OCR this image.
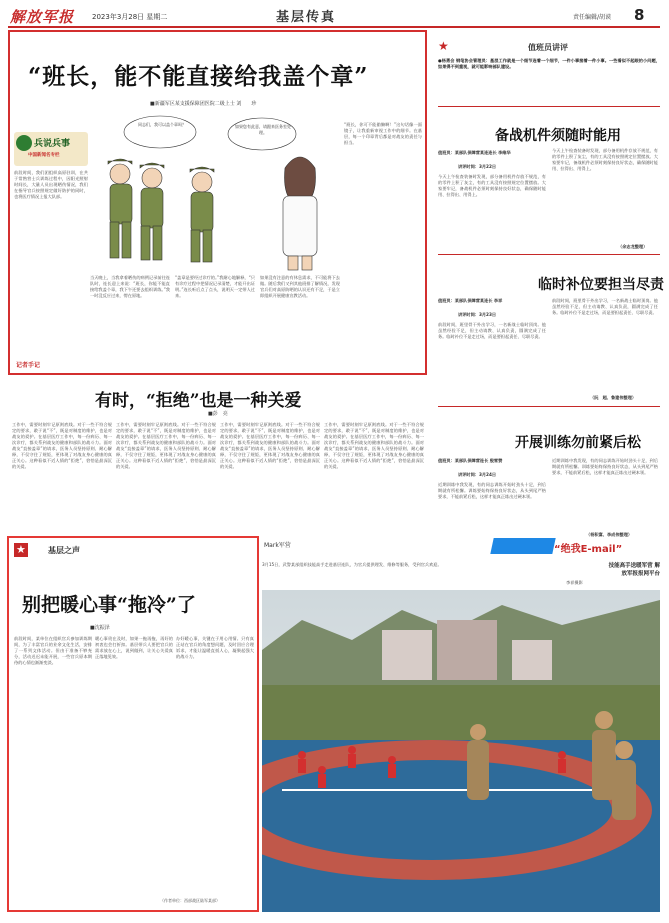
解放军报	2023年3月28日 星期二	基层传真	责任编辑/胡谟 8
“班长，能不能直接给我盖个章”
■新疆军区某支援保障团医院二级上士 刘　　珍
兵说兵事
中国新闻名专栏
同志们，我可以盖个章吗？	如果您有此意，请跟来医务室处理。
前段时间，我们团组织高原驻训，在共于常熟营士兵训练过程中，因阳光照射时间长，大量人员出现晒伤情况，我们在指导官兵按照规定做好防护的同时，也将医疗情况上报大队部。
当天晚上，当我拿着晒伤的病例记录前往连队时，连长迎上来说：“班长，你能不能直接给我盖个章，我下午还要去组织训练。”我一时没反应过来，愣在原地。
“盖章是要经过诊疗的。”我耐心地解释，“只有诊疗过程中把情况记录清楚，才能开出证明。”连长听后点了点头，说明天一定带人过来。
如果没有注意的有休息需求，不可能将下去做。随后我们又到其他班排了解情况，发现官兵们对高原防晒的认识还有不足，于是立即组织开展健康宣教活动。
“班长，你可不能偷懒啊！”这句话像一面镜子，让我重新审视工作中的细节。在基层，每一个印章背后都是对战友的责任与担当。
记者手记
有时，“拒绝”也是一种关爱
■彭　亮
工作中，需要时刻牢记原则底线。对于一些不符合规定的要求，敢于说“不”，既是对制度的维护，也是对战友的爱护。在基层医疗工作中，每一份病历、每一次诊疗，都关系到战友的健康和部队的战斗力。面对战友“直接盖章”的请求，医务人员坚持原则、耐心解释，不仅守住了规矩，更体现了对战友身心健康的真正关心。这种看似不近人情的“拒绝”，恰恰是最深沉的关爱。
工作中，需要时刻牢记原则底线。对于一些不符合规定的要求，敢于说“不”，既是对制度的维护，也是对战友的爱护。在基层医疗工作中，每一份病历、每一次诊疗，都关系到战友的健康和部队的战斗力。面对战友“直接盖章”的请求，医务人员坚持原则、耐心解释，不仅守住了规矩，更体现了对战友身心健康的真正关心。这种看似不近人情的“拒绝”，恰恰是最深沉的关爱。
工作中，需要时刻牢记原则底线。对于一些不符合规定的要求，敢于说“不”，既是对制度的维护，也是对战友的爱护。在基层医疗工作中，每一份病历、每一次诊疗，都关系到战友的健康和部队的战斗力。面对战友“直接盖章”的请求，医务人员坚持原则、耐心解释，不仅守住了规矩，更体现了对战友身心健康的真正关心。这种看似不近人情的“拒绝”，恰恰是最深沉的关爱。
工作中，需要时刻牢记原则底线。对于一些不符合规定的要求，敢于说“不”，既是对制度的维护，也是对战友的爱护。在基层医疗工作中，每一份病历、每一次诊疗，都关系到战友的健康和部队的战斗力。面对战友“直接盖章”的请求，医务人员坚持原则、耐心解释，不仅守住了规矩，更体现了对战友身心健康的真正关心。这种看似不近人情的“拒绝”，恰恰是最深沉的关爱。
★	基层之声
别把暖心事“拖冷”了
■沈振泽
前段时间，某单位在组织官兵参加训练期间，为了丰富官兵的业余文化生活，安排了一系列文体活动。但由于准备不够充分，活动迟迟未能开展，一些官兵原本期待的心情也渐渐变淡。
暖心事贵在及时，如果一拖再拖，再好的初衷也会打折扣。基层带兵人要把官兵的需求放在心上，说到做到，让关心关爱真正落地见效。
办好暖心事，关键在于用心用情。只有真正站在官兵的角度想问题，及时回应合理诉求，才能让温暖直抵人心，凝聚起强大的战斗力。
（作者单位：西部战区陆军某部）
★	值班员讲评
●杨勇会 钢笔协会管理员：基层工作就是一个细节连着一个细节，一件小事接着一件小事。一些看似不起眼的小问题，如果得不到重视，就可能影响部队建设。
备战机件须随时能用
值班员：某部队保障营某连连长 李维华
讲评时间：3月22日
今天上午检查装备时发现，部分备用机件存放不规范，有的零件上积了灰尘，有的工具没有按照规定位置摆放。大家要牢记，备战机件必须时刻保持良好状态，确保随时能用、拉得出、用得上。
今天上午检查装备时发现，部分备用机件存放不规范，有的零件上积了灰尘，有的工具没有按照规定位置摆放。大家要牢记，备战机件必须时刻保持良好状态，确保随时能用、拉得出、用得上。
（余志龙整理）
临时补位要担当尽责
值班员：某部队保障营某连长 李祥
讲评时间：3月23日
前段时间，班里骨干外出学习，一名新战士临时顶岗。他虽然经验不足，但主动请教、认真负责，圆满完成了任务。临时补位不是走过场，而是要担起责任、尽职尽责。
前段时间，班里骨干外出学习，一名新战士临时顶岗。他虽然经验不足，但主动请教、认真负责，圆满完成了任务。临时补位不是走过场，而是要担起责任、尽职尽责。
（阮　超、鲁建伟整理）
开展训练勿前紧后松
值班员：某部队保障营连长 殷雪赞
讲评时间：3月24日
近期训练中我发现，有的同志训练开始时劲头十足，到后期就有所松懈。训练要始终保持良好状态，从头到尾严格要求，不能前紧后松，这样才能真正练出过硬本领。
近期训练中我发现，有的同志训练开始时劲头十足，到后期就有所松懈。训练要始终保持良好状态，从头到尾严格要求，不能前紧后松，这样才能真正练出过硬本领。
（杨积富、李成伟整理）
Mark军营	“绝我E-mail”
技能高手送暖军营 解放军报报网平台
3月15日，武警某部组织技能高手走进基层连队，为官兵提供理发、维修等服务，受到官兵欢迎。
李祥摄影
